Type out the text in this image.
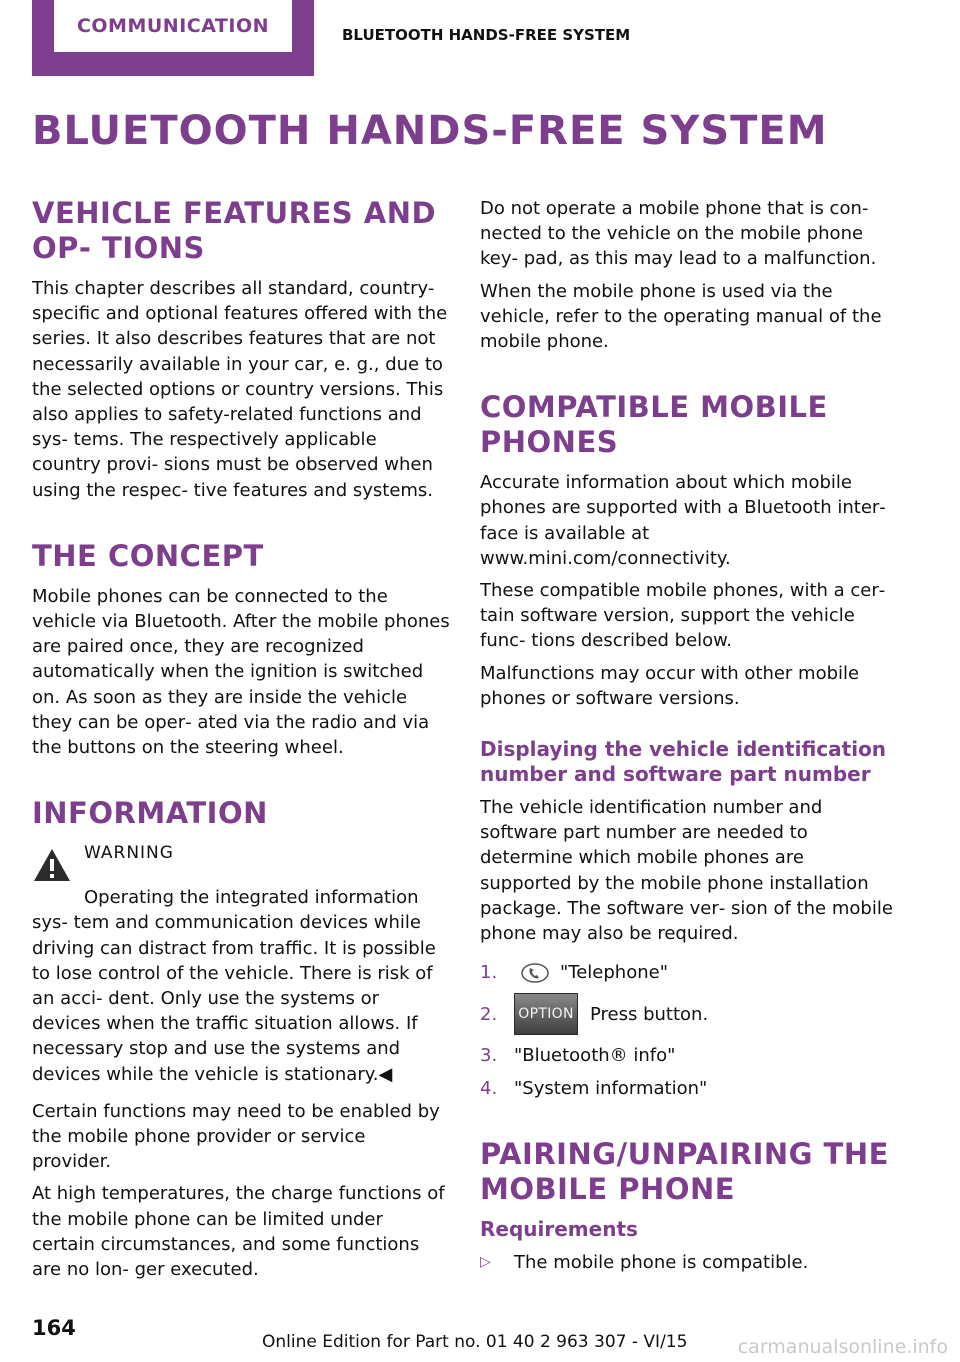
COMMUNICATION	BLUETOOTH HANDS-FREE SYSTEM
BLUETOOTH HANDS-FREE SYSTEM
VEHICLE FEATURES AND OP‐ TIONS

This chapter describes all standard, country-specific and optional features offered with the series. It also describes features that are not necessarily available in your car, e. g., due to the selected options or country versions. This also applies to safety-related functions and sys‐ tems. The respectively applicable country provi‐ sions must be observed when using the respec‐ tive features and systems.

THE CONCEPT

Mobile phones can be connected to the vehicle via Bluetooth. After the mobile phones are paired once, they are recognized automatically when the ignition is switched on. As soon as they are inside the vehicle they can be oper‐ ated via the radio and via the buttons on the steering wheel.

INFORMATION
WARNING

Operating the integrated information sys‐ tem and communication devices while driving can distract from traffic. It is possible to lose control of the vehicle. There is risk of an acci‐ dent. Only use the systems or devices when the traffic situation allows. If necessary stop and use the systems and devices while the vehicle is stationary.◀

Certain functions may need to be enabled by the mobile phone provider or service provider.

At high temperatures, the charge functions of the mobile phone can be limited under certain circumstances, and some functions are no lon‐ ger executed.

Do not operate a mobile phone that is con‐ nected to the vehicle on the mobile phone key‐ pad, as this may lead to a malfunction.

When the mobile phone is used via the vehicle, refer to the operating manual of the mobile phone.

COMPATIBLE MOBILE PHONES

Accurate information about which mobile phones are supported with a Bluetooth inter‐ face is available at www.mini.com/connectivity.

These compatible mobile phones, with a cer‐ tain software version, support the vehicle func‐ tions described below.

Malfunctions may occur with other mobile phones or software versions.

Displaying the vehicle identification number and software part number

The vehicle identification number and software part number are needed to determine which mobile phones are supported by the mobile phone installation package. The software ver‐ sion of the mobile phone may also be required.

1.	"Telephone"
2.	OPTION Press button.
3. "Bluetooth® info"
4. "System information"
PAIRING/UNPAIRING THE MOBILE PHONE
Requirements
▷	The mobile phone is compatible.
164
Online Edition for Part no. 01 40 2 963 307 - VI/15	carmanualsonline.info
